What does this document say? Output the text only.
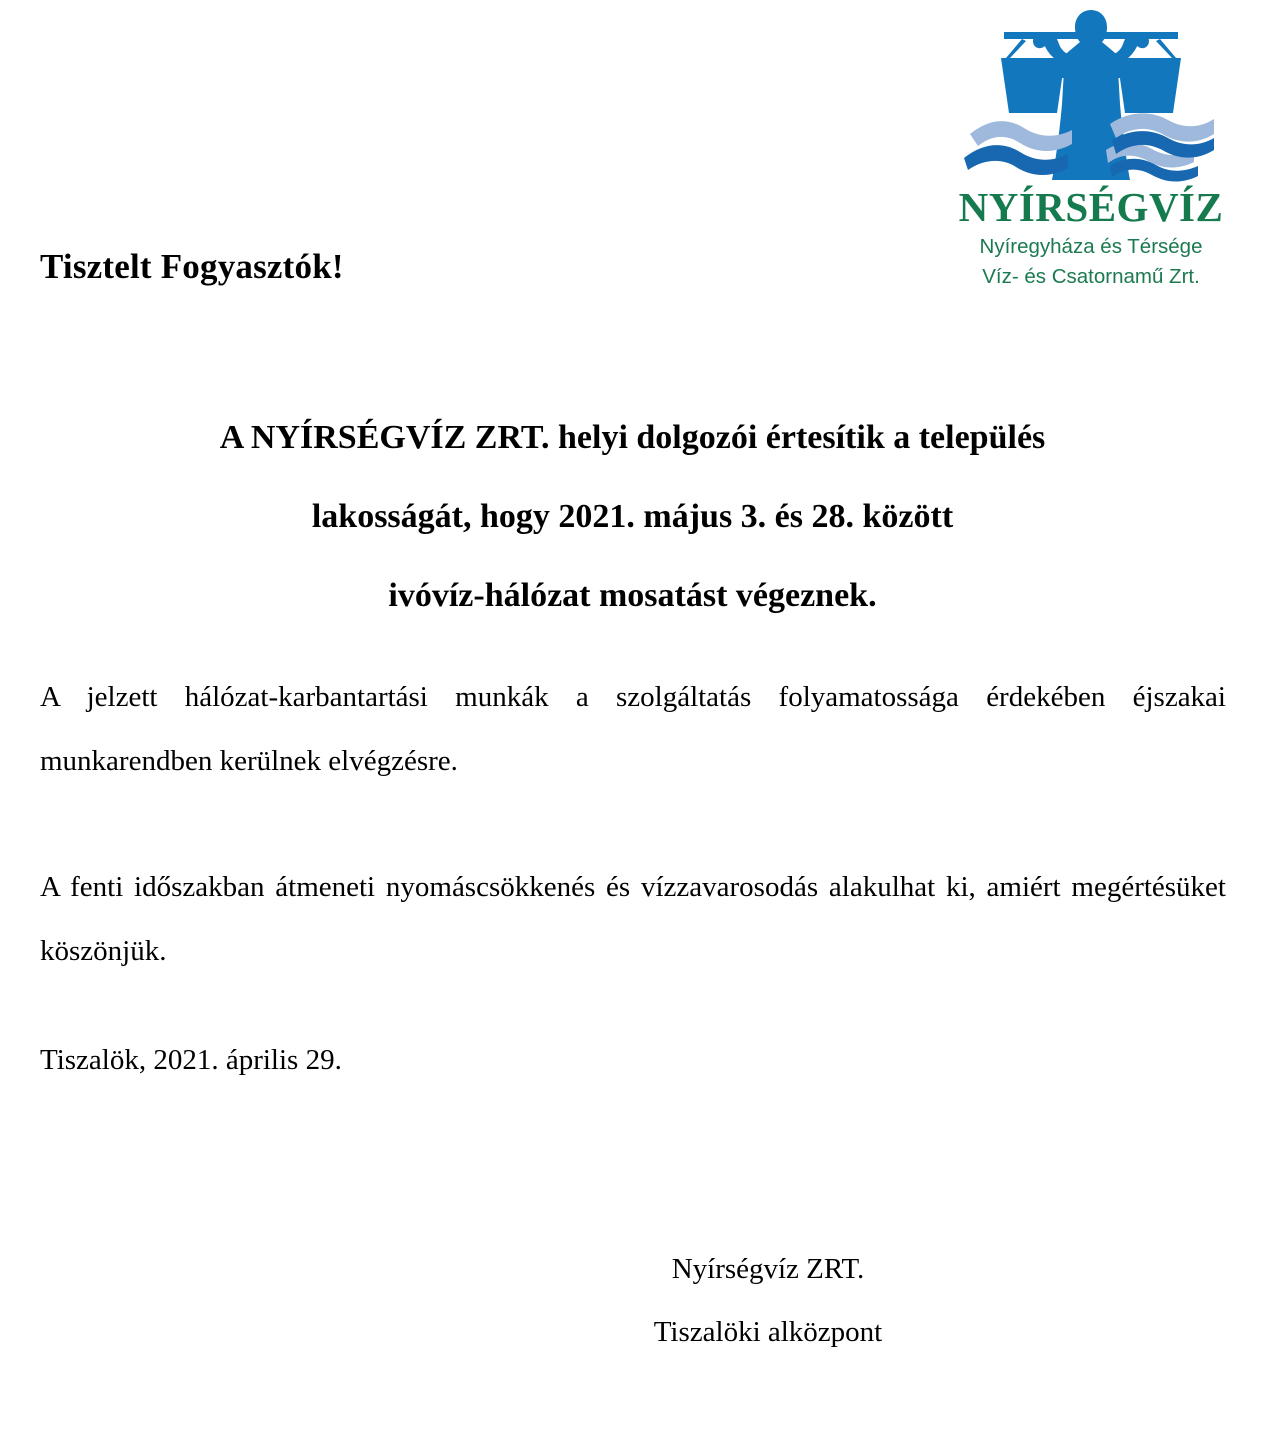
NYÍRSÉGVÍZ
Nyíregyháza és Térsége
Víz- és Csatornamű Zrt.
Tisztelt Fogyasztók!
A NYÍRSÉGVÍZ ZRT. helyi dolgozói értesítik a település
lakosságát, hogy 2021. május 3. és 28. között
ivóvíz-hálózat mosatást végeznek.

A jelzett hálózat-karbantartási munkák a szolgáltatás folyamatossága érdekében éjszakai munkarendben kerülnek elvégzésre.

A fenti időszakban átmeneti nyomáscsökkenés és vízzavarosodás alakulhat ki, amiért megértésüket köszönjük.

Tiszalök, 2021. április 29.
Nyírségvíz ZRT.
Tiszalöki alközpont
